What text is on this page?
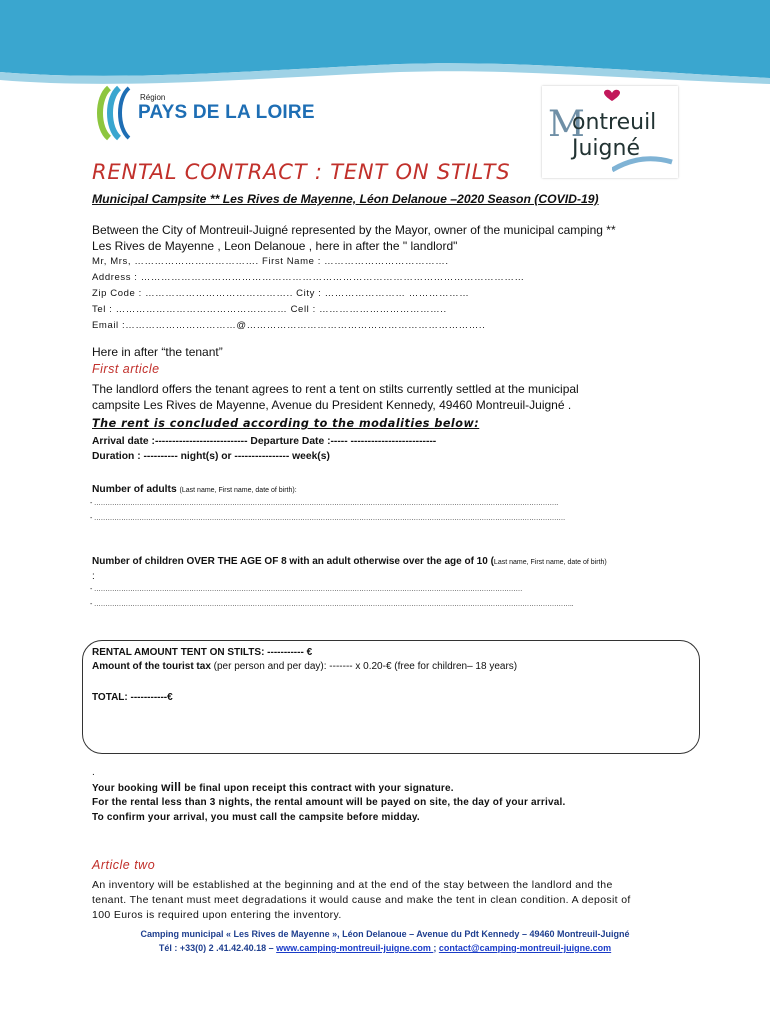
Région
PAYS DE LA LOIRE	M
ontreuil
Juigné
RENTAL CONTRACT : TENT ON STILTS
Municipal Campsite ** Les Rives de Mayenne, Léon Delanoue –2020 Season (COVID-19)
Between the City of Montreuil-Juigné represented by the Mayor, owner of the municipal camping **
Les Rives de Mayenne , Leon Delanoue , here in after the " landlord"
Mr, Mrs, ………………………………. First Name : ……………………………….
Address : ……………………………………………………………………………………………………
Zip Code : …………………………………….. City : …………………… ………………
Tel : …………………………………………… Cell : ………………………………..
Email :……………………………@……………………………………………………………..
Here in after “the tenant”
First article
The landlord offers the tenant agrees to rent a tent on stilts currently settled at the municipal
campsite Les Rives de Mayenne, Avenue du President Kennedy, 49460 Montreuil-Juigné .
The rent is concluded according to the modalities below:
Arrival date :--------------------------- Departure Date :----- -------------------------
Duration : ---------- night(s) or ---------------- week(s)
Number of adults (Last name, First name, date of birth):
- …………………………………………………………………………………………………………………………………………………………………………………….
- ……………………………………………………………………………………………………………………………………………………………………………………….
Number of children OVER THE AGE OF 8 with an adult otherwise over the age of 10 (Last name, First name, date of birth)
:
- ………………………………………………………………………………………………………………………………………………………………………
- …………………………………………………………………………………………………………………………………………………………………………………………..
RENTAL AMOUNT TENT ON STILTS: ----------- €
Amount of the tourist tax (per person and per day): ------- x 0.20-€ (free for children– 18 years)
TOTAL: -----------€
.
Your booking will be final upon receipt this contract with your signature.
For the rental less than 3 nights, the rental amount will be payed on site, the day of your arrival.
To confirm your arrival, you must call the campsite before midday.
Article two
An inventory will be established at the beginning and at the end of the stay between the landlord and the
tenant. The tenant must meet degradations it would cause and make the tent in clean condition. A deposit of
100 Euros is required upon entering the inventory.
Camping municipal « Les Rives de Mayenne », Léon Delanoue – Avenue du Pdt Kennedy – 49460 Montreuil-Juigné
Tél : +33(0) 2 .41.42.40.18 – www.camping-montreuil-juigne.com ; contact@camping-montreuil-juigne.com
